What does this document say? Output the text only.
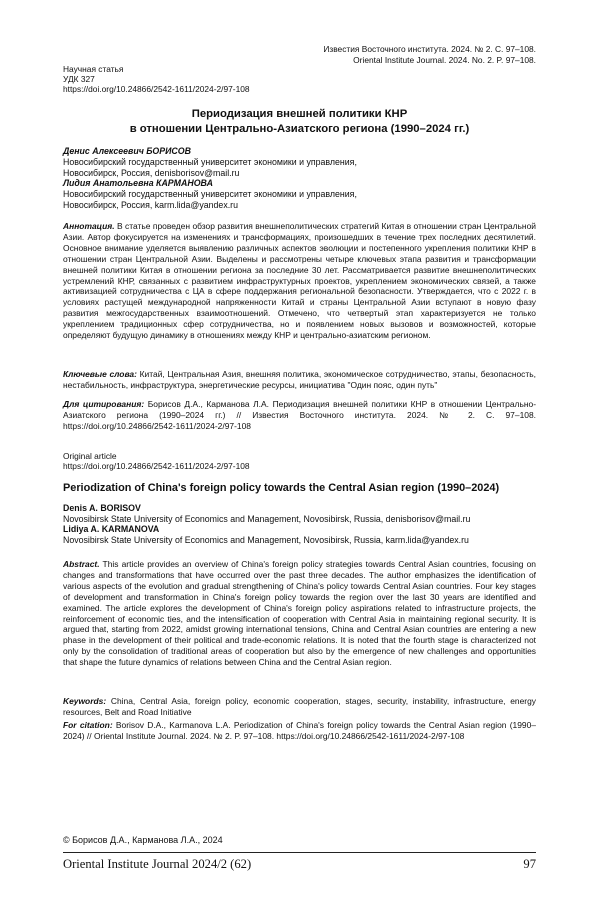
Известия Восточного института. 2024. № 2. С. 97–108.
Oriental Institute Journal. 2024. No. 2. P. 97–108.
Научная статья
УДК 327
https://doi.org/10.24866/2542-1611/2024-2/97-108
Периодизация внешней политики КНР
в отношении Центрально-Азиатского региона (1990–2024 гг.)
Денис Алексеевич БОРИСОВ
Новосибирский государственный университет экономики и управления,
Новосибирск, Россия, denisborisov@mail.ru
Лидия Анатольевна КАРМАНОВА
Новосибирский государственный университет экономики и управления,
Новосибирск, Россия, karm.lida@yandex.ru

Аннотация. В статье проведен обзор развития внешнеполитических стратегий Китая в отношении стран Центральной Азии. Автор фокусируется на изменениях и трансформациях, произошедших в течение трех последних десятилетий. Основное внимание уделяется выявлению различных аспектов эволюции и постепенного укрепления политики КНР в отношении стран Центральной Азии. Выделены и рассмотрены четыре ключевых этапа развития и трансформации внешней политики Китая в отношении региона за последние 30 лет. Рассматривается развитие внешнеполитических устремлений КНР, связанных с развитием инфраструктурных проектов, укреплением экономических связей, а также активизацией сотрудничества с ЦА в сфере поддержания региональной безопасности. Утверждается, что с 2022 г. в условиях растущей международной напряженности Китай и страны Центральной Азии вступают в новую фазу развития межгосударственных взаимоотношений. Отмечено, что четвертый этап характеризуется не только укреплением традиционных сфер сотрудничества, но и появлением новых вызовов и возможностей, которые определяют будущую динамику в отношениях между КНР и центрально-азиатским регионом.

Ключевые слова: Китай, Центральная Азия, внешняя политика, экономическое сотрудничество, этапы, безопасность, нестабильность, инфраструктура, энергетические ресурсы, инициатива "Один пояс, один путь"

Для цитирования: Борисов Д.А., Карманова Л.А. Периодизация внешней политики КНР в отношении Центрально-Азиатского региона (1990–2024 гг.) // Известия Восточного института. 2024. № 2. С. 97–108. https://doi.org/10.24866/2542-1611/2024-2/97-108

Original article
https://doi.org/10.24866/2542-1611/2024-2/97-108
Periodization of China's foreign policy towards the Central Asian region (1990–2024)
Denis A. BORISOV
Novosibirsk State University of Economics and Management, Novosibirsk, Russia, denisborisov@mail.ru
Lidiya A. KARMANOVA
Novosibirsk State University of Economics and Management, Novosibirsk, Russia, karm.lida@yandex.ru

Abstract. This article provides an overview of China's foreign policy strategies towards Central Asian countries, focusing on changes and transformations that have occurred over the past three decades. The author emphasizes the identification of various aspects of the evolution and gradual strengthening of China's policy towards Central Asian countries. Four key stages of development and transformation in China's foreign policy towards the region over the last 30 years are identified and examined. The article explores the development of China's foreign policy aspirations related to infrastructure projects, the reinforcement of economic ties, and the intensification of cooperation with Central Asia in maintaining regional security. It is argued that, starting from 2022, amidst growing international tensions, China and Central Asian countries are entering a new phase in the development of their political and trade-economic relations. It is noted that the fourth stage is characterized not only by the consolidation of traditional areas of cooperation but also by the emergence of new challenges and opportunities that shape the future dynamics of relations between China and the Central Asian region.

Keywords: China, Central Asia, foreign policy, economic cooperation, stages, security, instability, infrastructure, energy resources, Belt and Road Initiative

For citation: Borisov D.A., Karmanova L.A. Periodization of China's foreign policy towards the Central Asian region (1990–2024) // Oriental Institute Journal. 2024. № 2. P. 97–108. https://doi.org/10.24866/2542-1611/2024-2/97-108

© Борисов Д.А., Карманова Л.А., 2024
Oriental Institute Journal 2024/2 (62)	97
